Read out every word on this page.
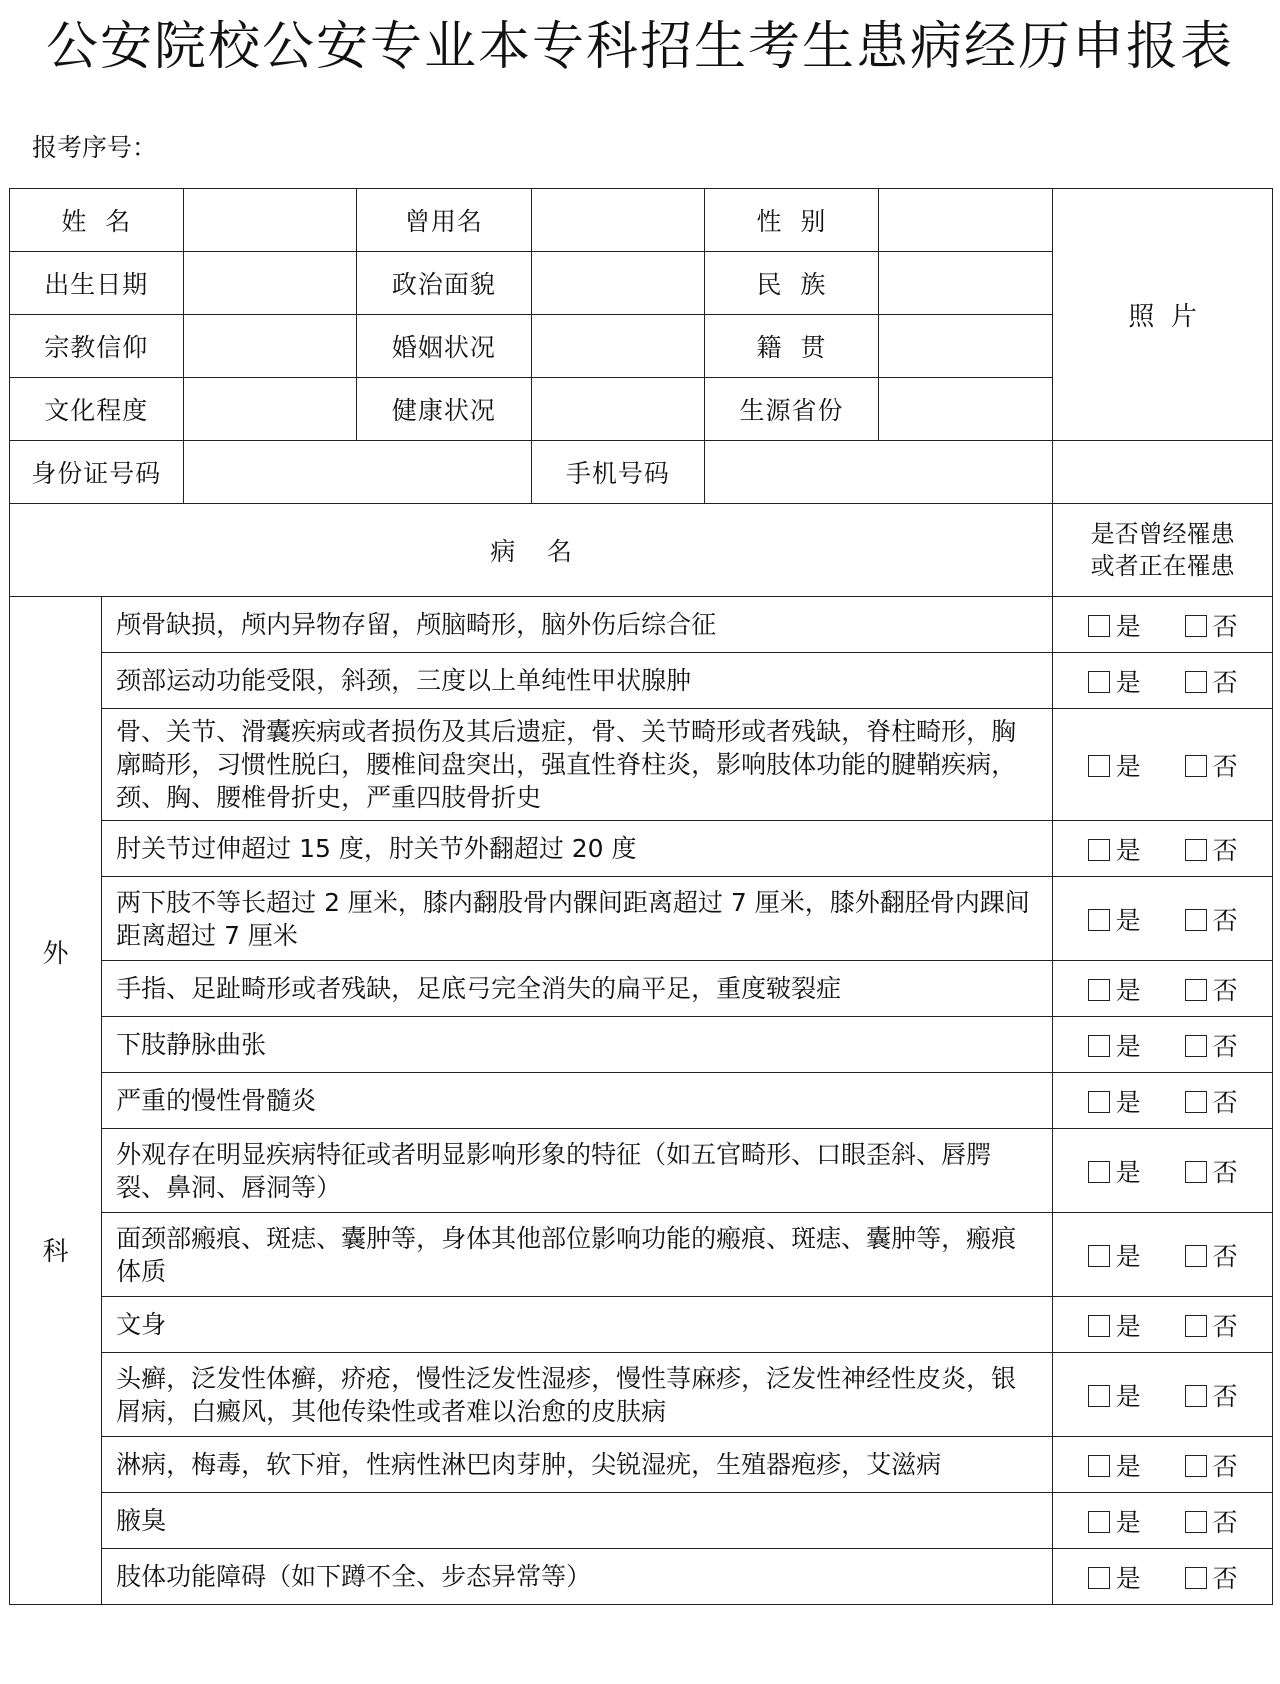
公安院校公安专业本专科招生考生患病经历申报表
报考序号：
姓  名			曾用名		性  别		照  片
出生日期			政治面貌		民  族		
宗教信仰			婚姻状况		籍  贯		
文化程度			健康状况		生源省份		
身份证号码				手机号码			
病    名							是否曾经罹患
或者正在罹患

外
科	颅骨缺损，颅内异物存留，颅脑畸形，脑外伤后综合征						是 否
	颈部运动功能受限，斜颈，三度以上单纯性甲状腺肿						是 否
	骨、关节、滑囊疾病或者损伤及其后遗症，骨、关节畸形或者残缺，脊柱畸形，胸廓畸形，习惯性脱臼，腰椎间盘突出，强直性脊柱炎，影响肢体功能的腱鞘疾病，颈、胸、腰椎骨折史，严重四肢骨折史						是 否
	肘关节过伸超过 15 度，肘关节外翻超过 20 度						是 否
	两下肢不等长超过 2 厘米，膝内翻股骨内髁间距离超过 7 厘米，膝外翻胫骨内踝间距离超过 7 厘米						是 否
	手指、足趾畸形或者残缺，足底弓完全消失的扁平足，重度皲裂症						是 否
	下肢静脉曲张						是 否
	严重的慢性骨髓炎						是 否
	外观存在明显疾病特征或者明显影响形象的特征（如五官畸形、口眼歪斜、唇腭裂、鼻洞、唇洞等）						是 否
	面颈部瘢痕、斑痣、囊肿等，身体其他部位影响功能的瘢痕、斑痣、囊肿等，瘢痕体质						是 否
	文身						是 否
	头癣，泛发性体癣，疥疮，慢性泛发性湿疹，慢性荨麻疹，泛发性神经性皮炎，银屑病，白癜风，其他传染性或者难以治愈的皮肤病						是 否
	淋病，梅毒，软下疳，性病性淋巴肉芽肿，尖锐湿疣，生殖器疱疹，艾滋病						是 否
	腋臭						是 否
	肢体功能障碍（如下蹲不全、步态异常等）						是 否
